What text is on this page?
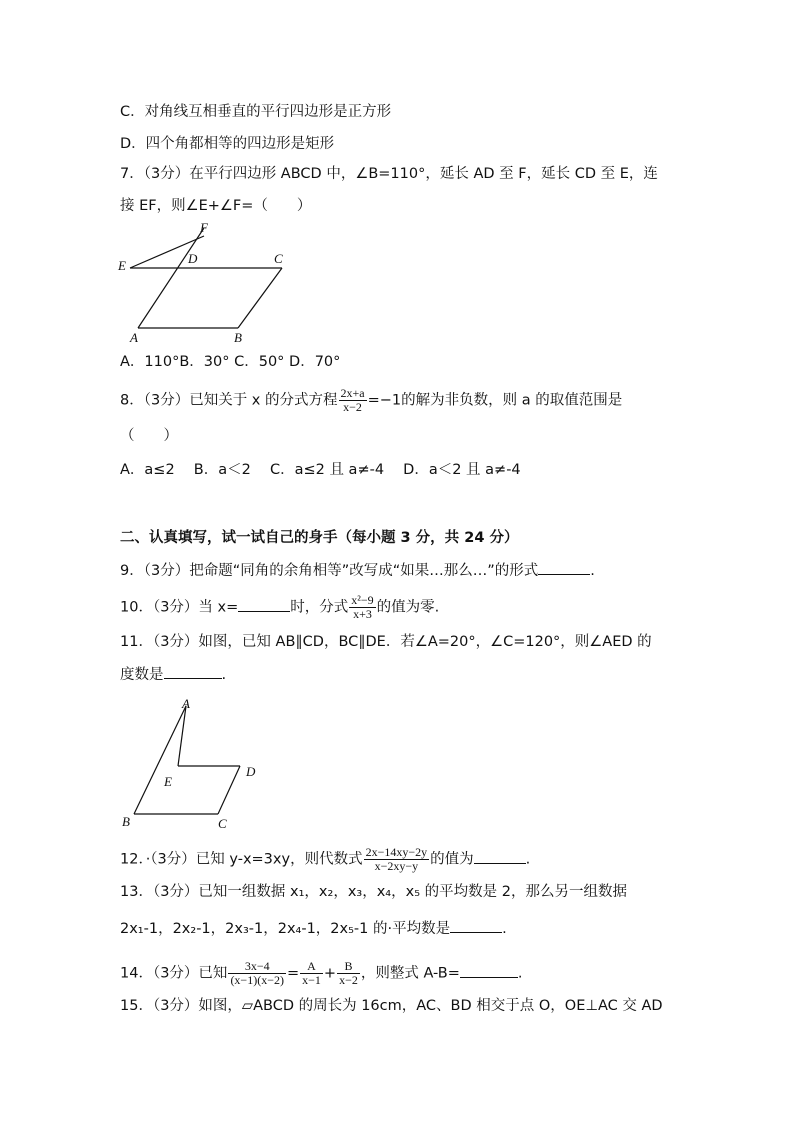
C．对角线互相垂直的平行四边形是正方形
D．四个角都相等的四边形是矩形
7．（3分）在平行四边形 ABCD 中，∠B=110°，延长 AD 至 F，延长 CD 至 E，连
接 EF，则∠E+∠F=（　　）
E
F
D	C
A	B
A．110°B．30° C．50° D．70°
8．（3分）已知关于 x 的分式方程 $\frac{2x+a}{x-2} =-1$的解为非负数，则 a 的取值范围是
（　　）
A．a≤2　 B．a＜2　 C．a≤2 且 a≠-4　 D．a＜2 且 a≠-4
二、认真填写，试一试自己的身手（每小题 3 分，共 24 分）
9．（3分）把命题“同角的余角相等”改写成“如果…那么…”的形式	.
10．（3分）当 x=	时，分式 $\frac{\text{x²−9}}{x+3}$ 的值为零.
11．（3分）如图，已知 AB∥CD，BC∥DE．若∠A=20°，∠C=120°，则∠AED 的
度数是	.
A
E
D
B	C
12．·（3分）已知 y-x=3xy，则代数式 $\frac{2x-14xy-2y}{x-2xy-y}$ 的值为	.
13．（3分）已知一组数据 x₁，x₂，x₃，x₄，x₅ 的平均数是 2，那么另一组数据
2x₁-1，2x₂-1，2x₃-1，2x₄-1，2x₅-1 的·平均数是	.
14．（3分）已知 $\frac{3x-4}{(x-1)(x-2)} = \frac{A}{x-1} + \frac{B}{x-2}$ ，则整式 A-B=	.
15．（3分）如图，▱ABCD 的周长为 16cm，AC、BD 相交于点 O，OE⊥AC 交 AD
